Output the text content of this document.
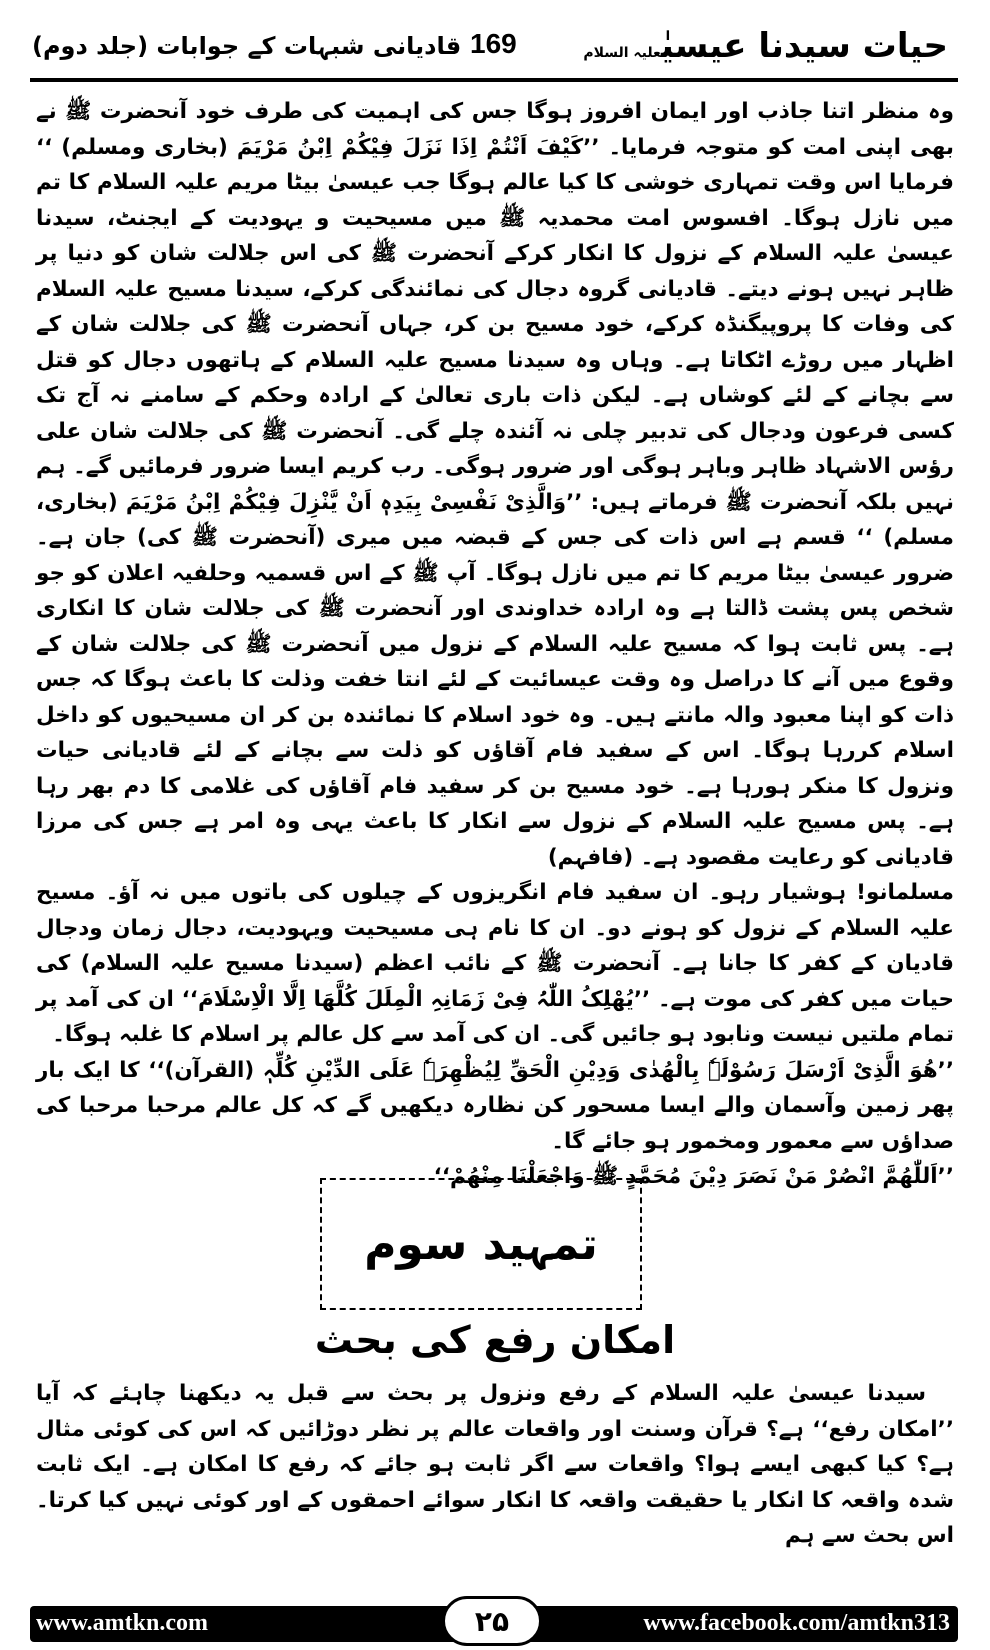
حیات سیدنا عیسیٰعلیہ السلام
169
قادیانی شبہات کے جوابات (جلد دوم)

وہ منظر اتنا جاذب اور ایمان افروز ہوگا جس کی اہمیت کی طرف خود آنحضرت ﷺ نے بھی اپنی امت کو متوجہ فرمایا۔ ’’کَیْفَ اَنْتُمْ اِذَا نَزَلَ فِیْکُمْ اِبْنُ مَرْیَمَ (بخاری ومسلم) ‘‘ فرمایا اس وقت تمہاری خوشی کا کیا عالم ہوگا جب عیسیٰ بیٹا مریم علیہ السلام کا تم میں نازل ہوگا۔ افسوس امت محمدیہ ﷺ میں مسیحیت و یہودیت کے ایجنٹ، سیدنا عیسیٰ علیہ السلام کے نزول کا انکار کرکے آنحضرت ﷺ کی اس جلالت شان کو دنیا پر ظاہر نہیں ہونے دیتے۔ قادیانی گروہ دجال کی نمائندگی کرکے، سیدنا مسیح علیہ السلام کی وفات کا پروپیگنڈہ کرکے، خود مسیح بن کر، جہاں آنحضرت ﷺ کی جلالت شان کے اظہار میں روڑے اٹکاتا ہے۔ وہاں وہ سیدنا مسیح علیہ السلام کے ہاتھوں دجال کو قتل سے بچانے کے لئے کوشاں ہے۔ لیکن ذات باری تعالیٰ کے ارادہ وحکم کے سامنے نہ آج تک کسی فرعون ودجال کی تدبیر چلی نہ آئندہ چلے گی۔ آنحضرت ﷺ کی جلالت شان علی رؤس الاشہاد ظاہر وباہر ہوگی اور ضرور ہوگی۔ رب کریم ایسا ضرور فرمائیں گے۔ ہم نہیں بلکہ آنحضرت ﷺ فرماتے ہیں: ’’وَالَّذِیْ نَفْسِیْ بِیَدِہٖ اَنْ یَّنْزِلَ فِیْکُمْ اِبْنُ مَرْیَمَ (بخاری، مسلم) ‘‘ قسم ہے اس ذات کی جس کے قبضہ میں میری (آنحضرت ﷺ کی) جان ہے۔ ضرور عیسیٰ بیٹا مریم کا تم میں نازل ہوگا۔ آپ ﷺ کے اس قسمیہ وحلفیہ اعلان کو جو شخص پس پشت ڈالتا ہے وہ ارادہ خداوندی اور آنحضرت ﷺ کی جلالت شان کا انکاری ہے۔ پس ثابت ہوا کہ مسیح علیہ السلام کے نزول میں آنحضرت ﷺ کی جلالت شان کے وقوع میں آنے کا دراصل وہ وقت عیسائیت کے لئے انتا خفت وذلت کا باعث ہوگا کہ جس ذات کو اپنا معبود والہ مانتے ہیں۔ وہ خود اسلام کا نمائندہ بن کر ان مسیحیوں کو داخل اسلام کررہا ہوگا۔ اس کے سفید فام آقاؤں کو ذلت سے بچانے کے لئے قادیانی حیات ونزول کا منکر ہورہا ہے۔ خود مسیح بن کر سفید فام آقاؤں کی غلامی کا دم بھر رہا ہے۔ پس مسیح علیہ السلام کے نزول سے انکار کا باعث یہی وہ امر ہے جس کی مرزا قادیانی کو رعایت مقصود ہے۔ (فافہم)

مسلمانو! ہوشیار رہو۔ ان سفید فام انگریزوں کے چیلوں کی باتوں میں نہ آؤ۔ مسیح علیہ السلام کے نزول کو ہونے دو۔ ان کا نام ہی مسیحیت ویہودیت، دجال زمان ودجال قادیان کے کفر کا جانا ہے۔ آنحضرت ﷺ کے نائب اعظم (سیدنا مسیح علیہ السلام) کی حیات میں کفر کی موت ہے۔ ’’یُھْلِکُ اللّٰہُ فِیْ زَمَانِہِ الْمِلَلَ کُلَّھَا اِلَّا الْاِسْلَامَ‘‘ ان کی آمد پر تمام ملتیں نیست ونابود ہو جائیں گی۔ ان کی آمد سے کل عالم پر اسلام کا غلبہ ہوگا۔

’’ھُوَ الَّذِیْ اَرْسَلَ رَسُوْلَہٗ بِالْھُدٰی وَدِیْنِ الْحَقِّ لِیُظْھِرَہٗ عَلَی الدِّیْنِ کُلِّہٖ (القرآن)‘‘ کا ایک بار پھر زمین وآسمان والے ایسا مسحور کن نظارہ دیکھیں گے کہ کل عالم مرحبا مرحبا کی صداؤں سے معمور ومخمور ہو جائے گا۔

’’اَللّٰھُمَّ انْصُرْ مَنْ نَصَرَ دِیْنَ مُحَمَّدٍ ﷺ وَاجْعَلْنَا مِنْھُمْ‘‘

تمہید سوم
امکان رفع کی بحث

سیدنا عیسیٰ علیہ السلام کے رفع ونزول پر بحث سے قبل یہ دیکھنا چاہئے کہ آیا ’’امکان رفع‘‘ ہے؟ قرآن وسنت اور واقعات عالم پر نظر دوڑائیں کہ اس کی کوئی مثال ہے؟ کیا کبھی ایسے ہوا؟ واقعات سے اگر ثابت ہو جائے کہ رفع کا امکان ہے۔ ایک ثابت شدہ واقعہ کا انکار یا حقیقت واقعہ کا انکار سوائے احمقوں کے اور کوئی نہیں کیا کرتا۔ اس بحث سے ہم

www.amtkn.com	۲۵	www.facebook.com/amtkn313
